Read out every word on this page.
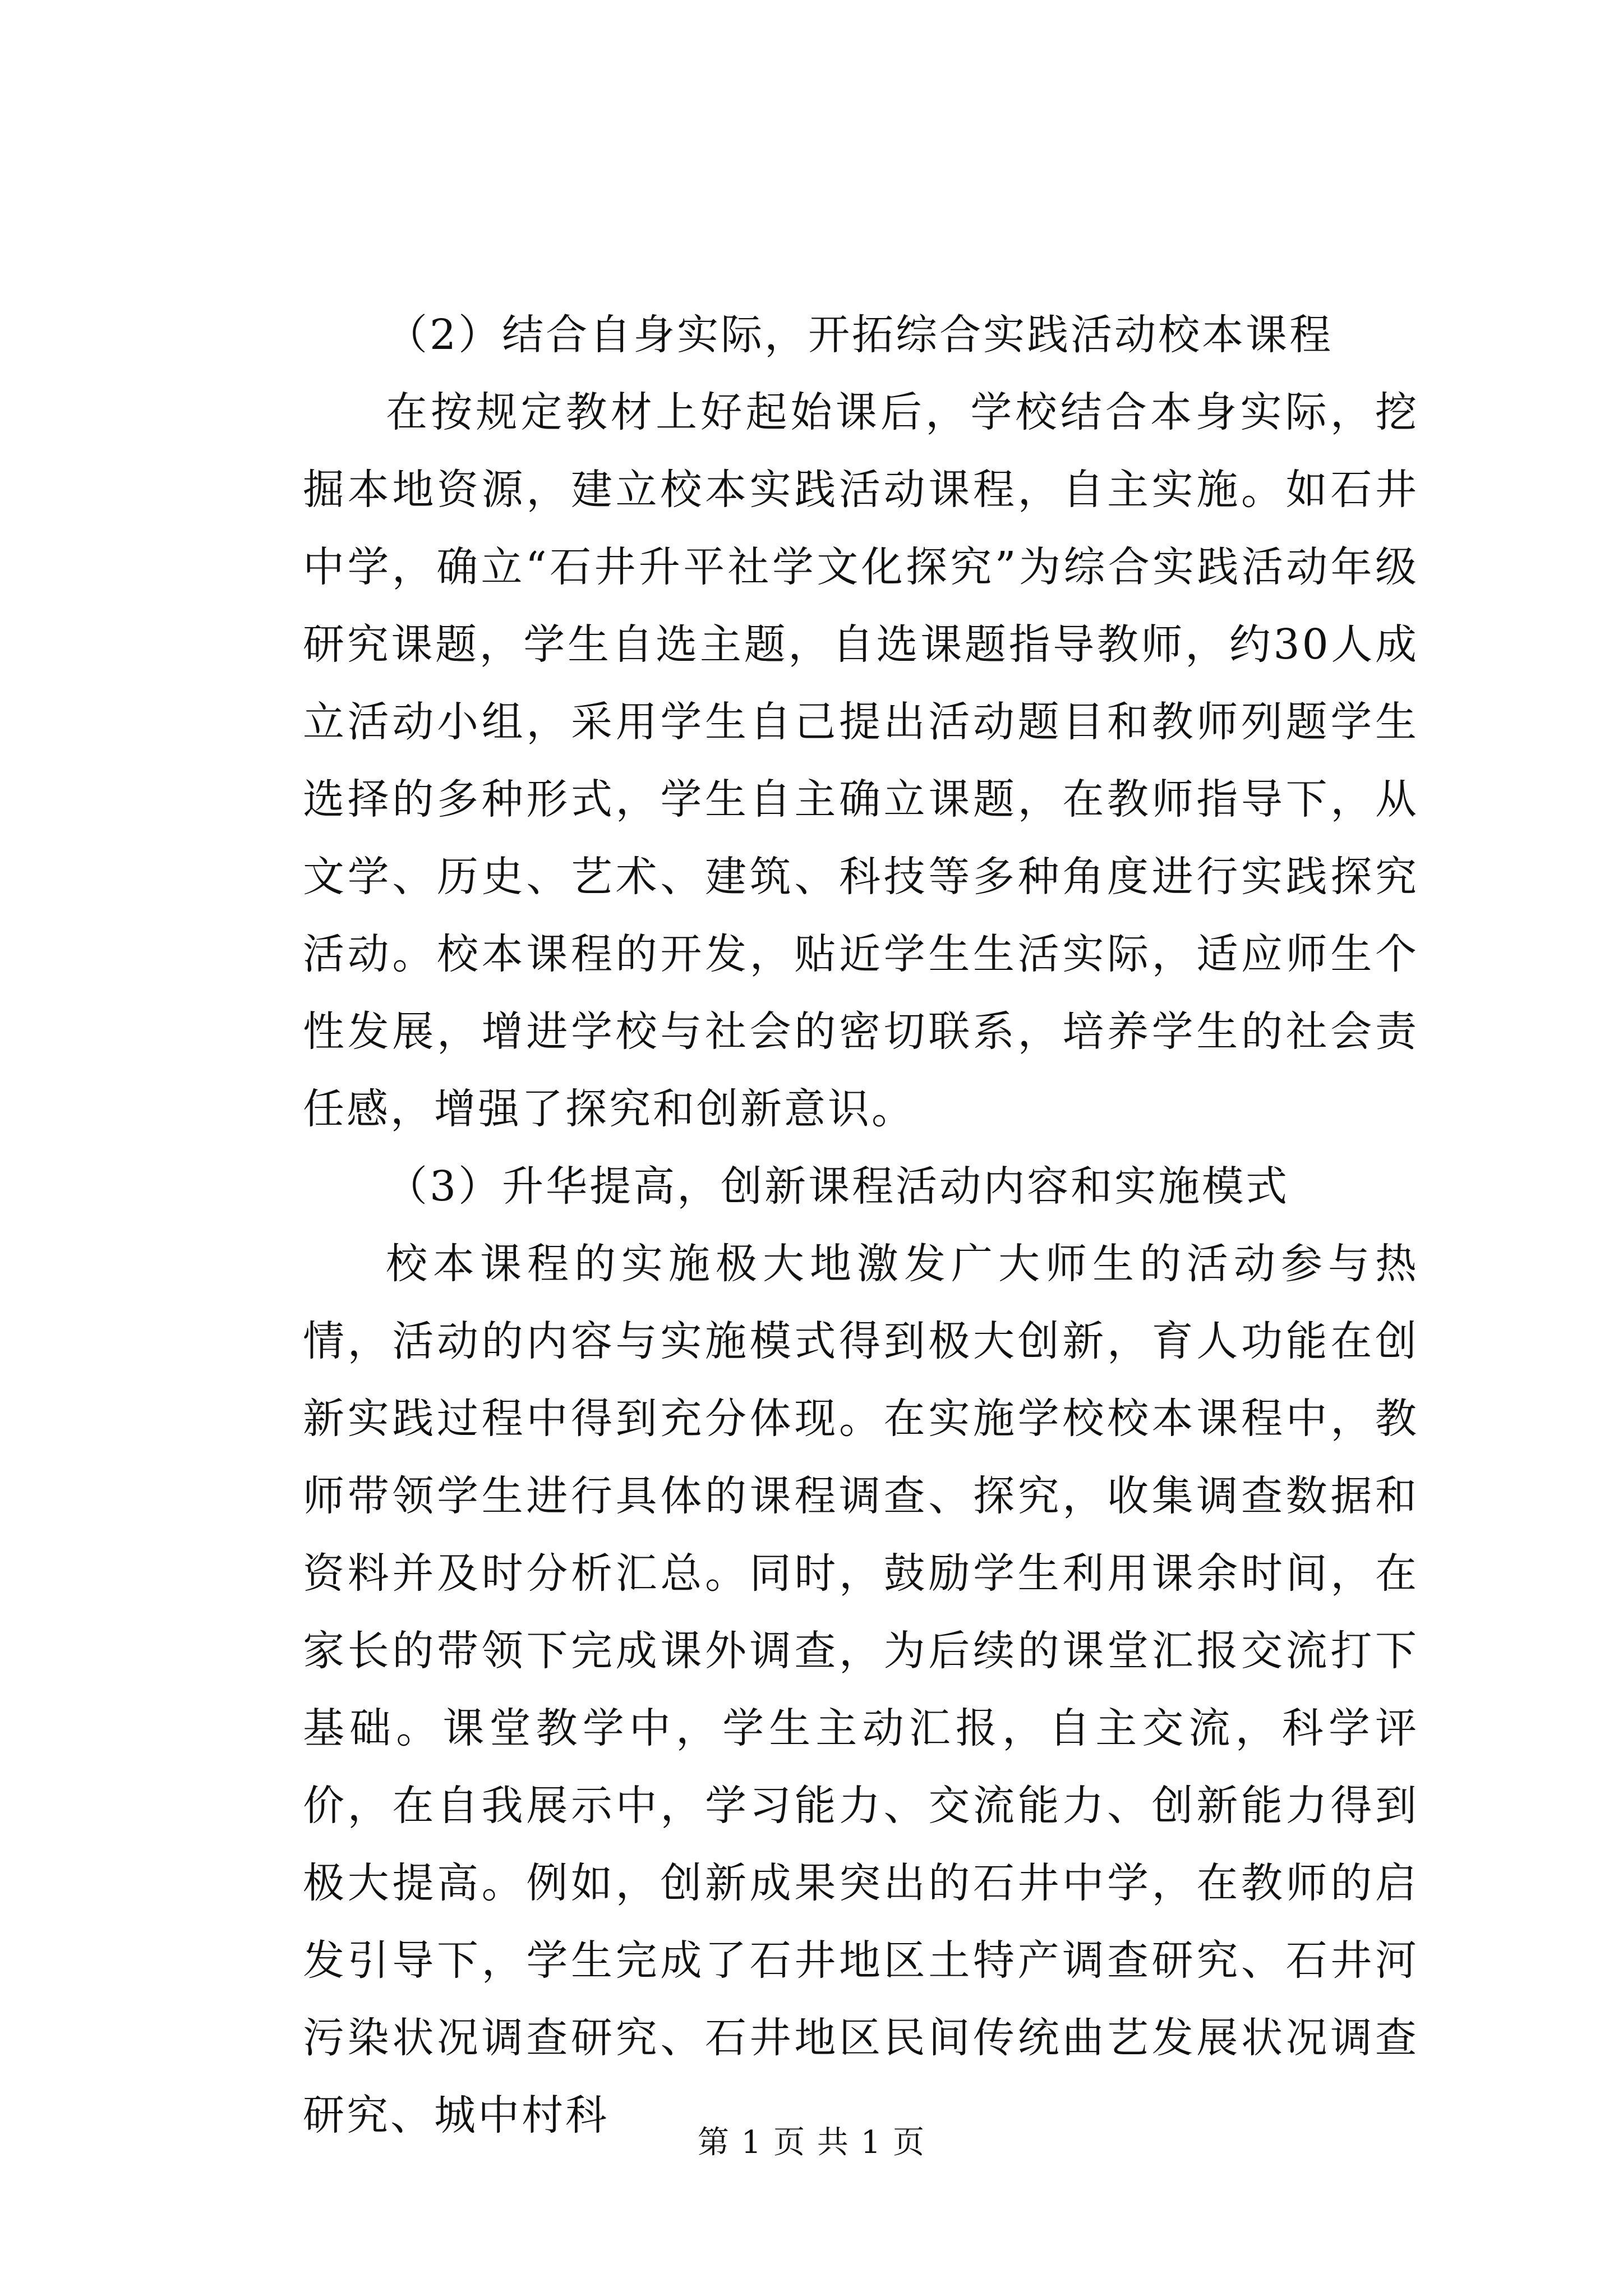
（2）结合自身实际，开拓综合实践活动校本课程

在按规定教材上好起始课后，学校结合本身实际，挖掘本地资源，建立校本实践活动课程，自主实施。如石井中学，确立“石井升平社学文化探究”为综合实践活动年级研究课题，学生自选主题，自选课题指导教师，约30人成立活动小组，采用学生自己提出活动题目和教师列题学生选择的多种形式，学生自主确立课题，在教师指导下，从文学、历史、艺术、建筑、科技等多种角度进行实践探究活动。校本课程的开发，贴近学生生活实际，适应师生个性发展，增进学校与社会的密切联系，培养学生的社会责任感，增强了探究和创新意识。

（3）升华提高，创新课程活动内容和实施模式

校本课程的实施极大地激发广大师生的活动参与热情，活动的内容与实施模式得到极大创新，育人功能在创新实践过程中得到充分体现。在实施学校校本课程中，教师带领学生进行具体的课程调查、探究，收集调查数据和资料并及时分析汇总。同时，鼓励学生利用课余时间，在家长的带领下完成课外调查，为后续的课堂汇报交流打下基础。课堂教学中，学生主动汇报，自主交流，科学评价，在自我展示中，学习能力、交流能力、创新能力得到极大提高。例如，创新成果突出的石井中学，在教师的启发引导下，学生完成了石井地区土特产调查研究、石井河污染状况调查研究、石井地区民间传统曲艺发展状况调查研究、城中村科

第 1 页 共 1 页
